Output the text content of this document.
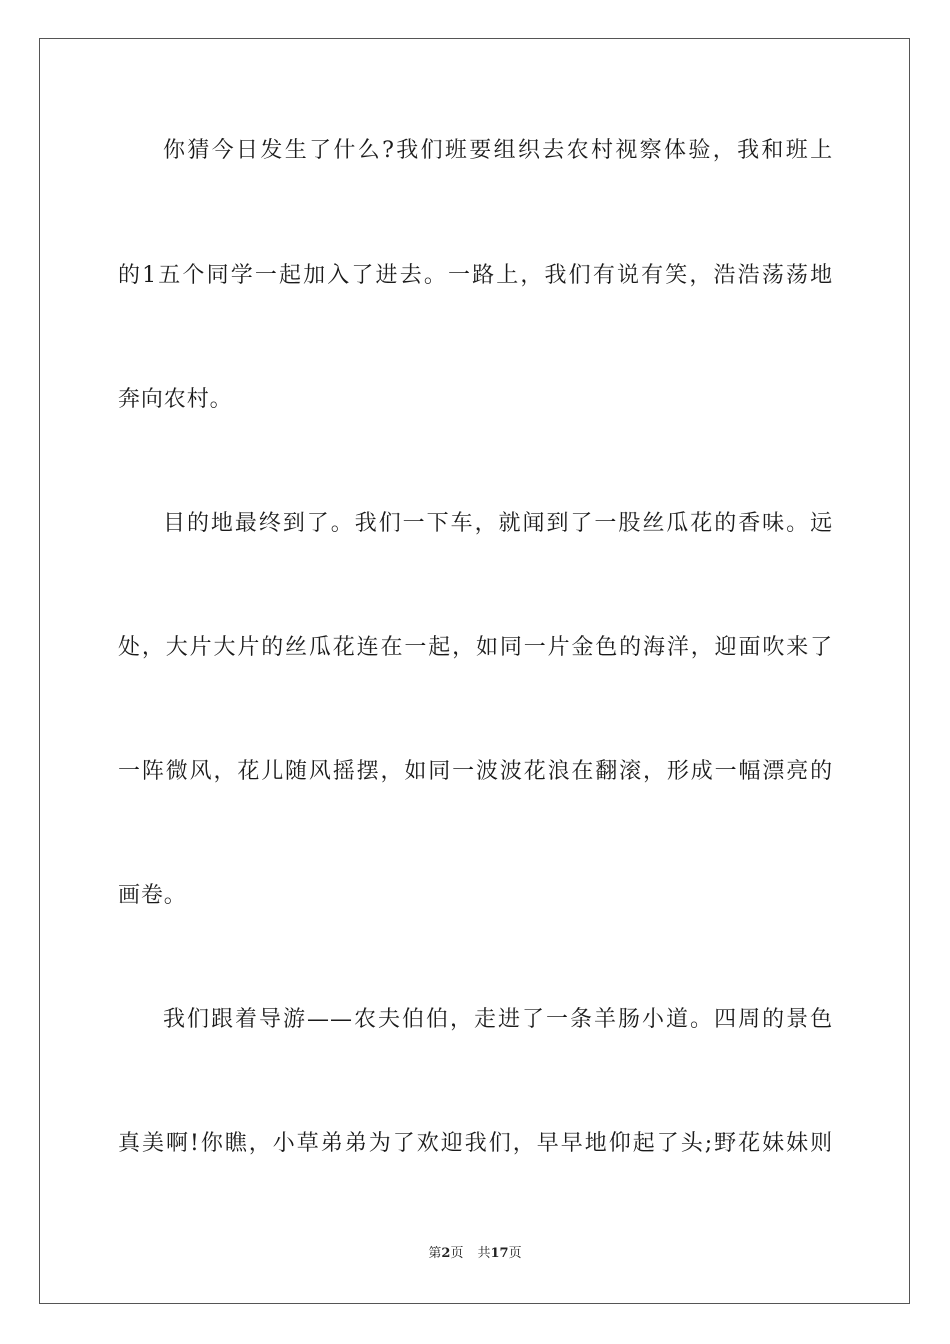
你猜今日发生了什么?我们班要组织去农村视察体验，我和班上
的1五个同学一起加入了进去。一路上，我们有说有笑，浩浩荡荡地
奔向农村。
目的地最终到了。我们一下车，就闻到了一股丝瓜花的香味。远
处，大片大片的丝瓜花连在一起，如同一片金色的海洋，迎面吹来了
一阵微风，花儿随风摇摆，如同一波波花浪在翻滚，形成一幅漂亮的
画卷。
我们跟着导游——农夫伯伯，走进了一条羊肠小道。四周的景色
真美啊!你瞧，小草弟弟为了欢迎我们，早早地仰起了头;野花妹妹则
第2页 共17页
